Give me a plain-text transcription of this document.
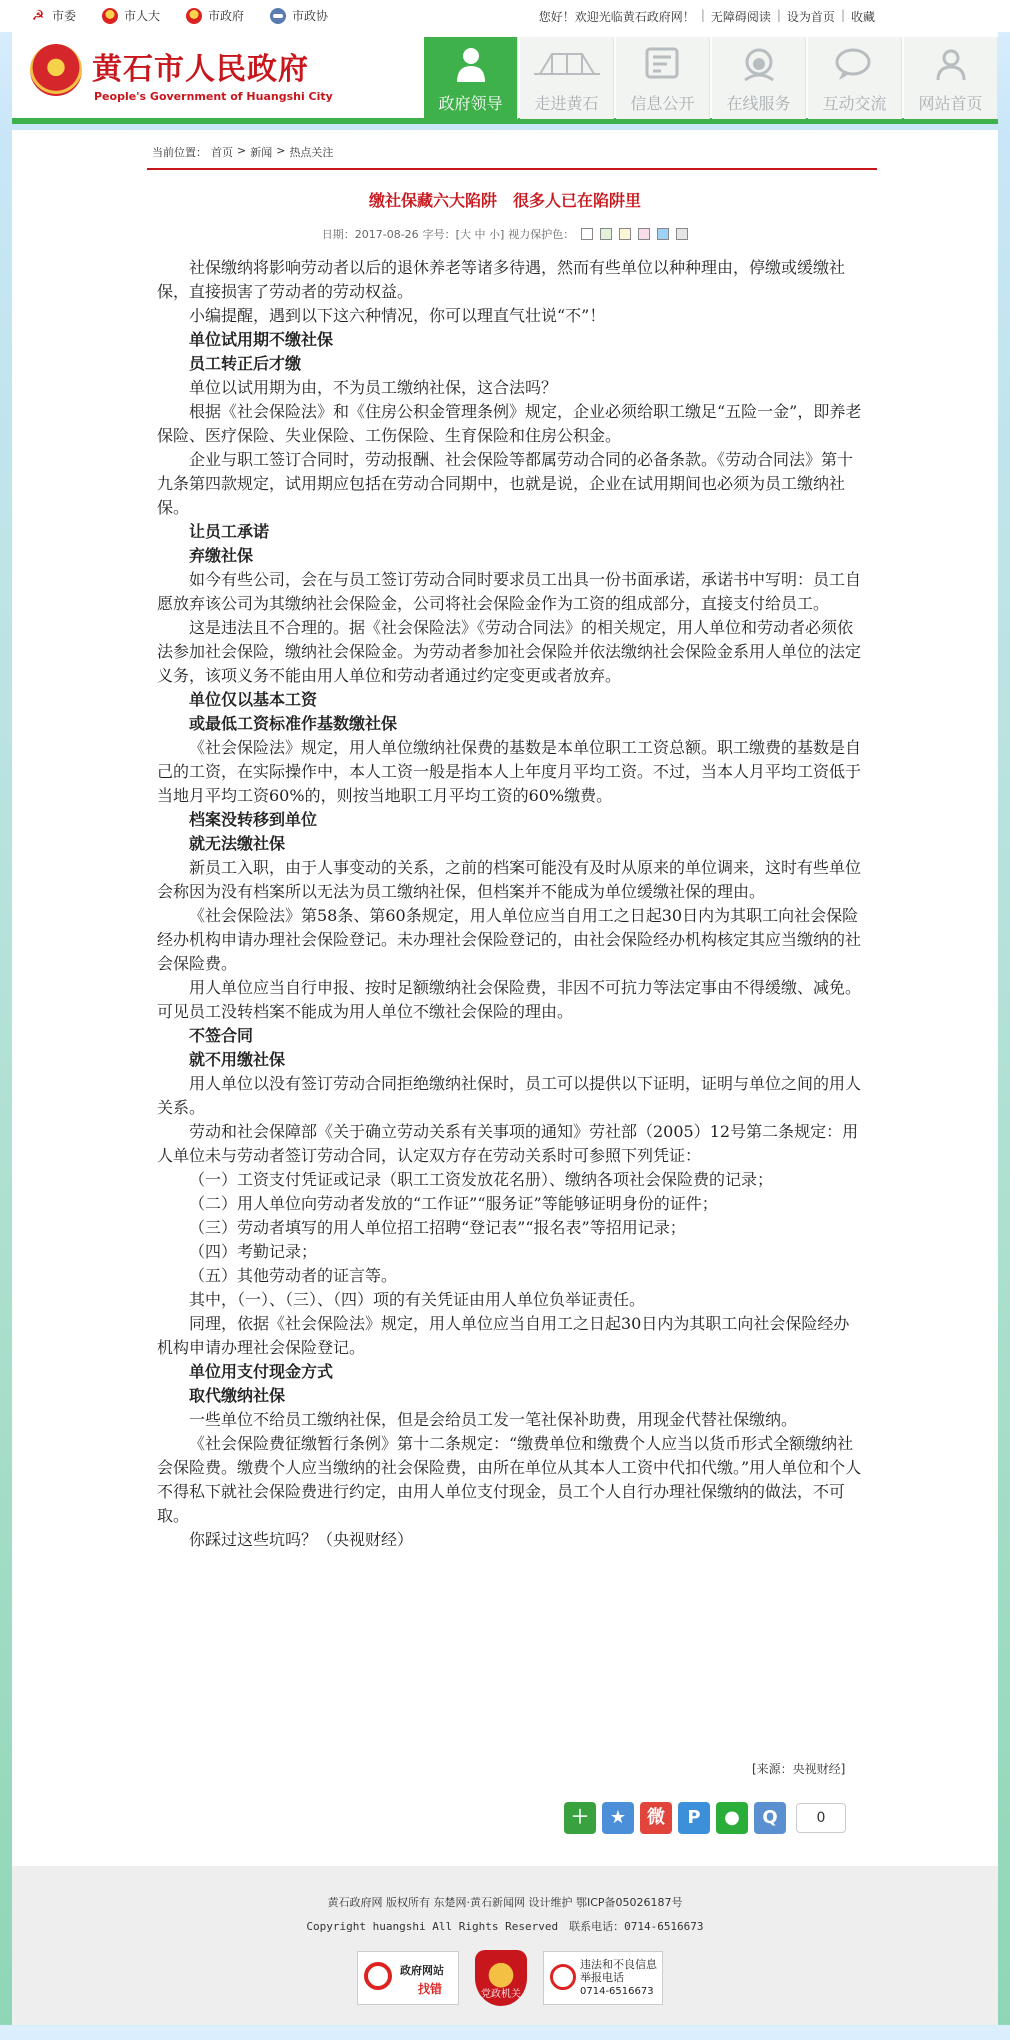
☭ 市委	市人大	市政府	市政协	您好！欢迎光临黄石政府网！ | 无障碍阅读 | 设为首页 | 收藏
黄石市人民政府
People's Government of Huangshi City	政府领导	走进黄石	信息公开	在线服务	互动交流	网站首页
当前位置： 首页 > 新闻 > 热点关注
缴社保藏六大陷阱　很多人已在陷阱里
日期：2017-08-26 字号：[大 中 小] 视力保护色：

社保缴纳将影响劳动者以后的退休养老等诸多待遇，然而有些单位以种种理由，停缴或缓缴社保，直接损害了劳动者的劳动权益。

小编提醒，遇到以下这六种情况，你可以理直气壮说“不”！

单位试用期不缴社保

员工转正后才缴

单位以试用期为由，不为员工缴纳社保，这合法吗？

根据《社会保险法》和《住房公积金管理条例》规定，企业必须给职工缴足“五险一金”，即养老保险、医疗保险、失业保险、工伤保险、生育保险和住房公积金。

企业与职工签订合同时，劳动报酬、社会保险等都属劳动合同的必备条款。《劳动合同法》第十九条第四款规定，试用期应包括在劳动合同期中，也就是说，企业在试用期间也必须为员工缴纳社保。

让员工承诺

弃缴社保

如今有些公司，会在与员工签订劳动合同时要求员工出具一份书面承诺，承诺书中写明：员工自愿放弃该公司为其缴纳社会保险金，公司将社会保险金作为工资的组成部分，直接支付给员工。

这是违法且不合理的。据《社会保险法》《劳动合同法》的相关规定，用人单位和劳动者必须依法参加社会保险，缴纳社会保险金。为劳动者参加社会保险并依法缴纳社会保险金系用人单位的法定义务，该项义务不能由用人单位和劳动者通过约定变更或者放弃。

单位仅以基本工资

或最低工资标准作基数缴社保

《社会保险法》规定，用人单位缴纳社保费的基数是本单位职工工资总额。职工缴费的基数是自己的工资，在实际操作中，本人工资一般是指本人上年度月平均工资。不过，当本人月平均工资低于当地月平均工资60%的，则按当地职工月平均工资的60%缴费。

档案没转移到单位

就无法缴社保

新员工入职，由于人事变动的关系，之前的档案可能没有及时从原来的单位调来，这时有些单位会称因为没有档案所以无法为员工缴纳社保，但档案并不能成为单位缓缴社保的理由。

《社会保险法》第58条、第60条规定，用人单位应当自用工之日起30日内为其职工向社会保险经办机构申请办理社会保险登记。未办理社会保险登记的，由社会保险经办机构核定其应当缴纳的社会保险费。

用人单位应当自行申报、按时足额缴纳社会保险费，非因不可抗力等法定事由不得缓缴、减免。可见员工没转档案不能成为用人单位不缴社会保险的理由。

不签合同

就不用缴社保

用人单位以没有签订劳动合同拒绝缴纳社保时，员工可以提供以下证明，证明与单位之间的用人关系。

劳动和社会保障部《关于确立劳动关系有关事项的通知》劳社部（2005）12号第二条规定：用人单位未与劳动者签订劳动合同，认定双方存在劳动关系时可参照下列凭证：

（一）工资支付凭证或记录（职工工资发放花名册）、缴纳各项社会保险费的记录；

（二）用人单位向劳动者发放的“工作证”“服务证”等能够证明身份的证件；

（三）劳动者填写的用人单位招工招聘“登记表”“报名表”等招用记录；

（四）考勤记录；

（五）其他劳动者的证言等。

其中，（一）、（三）、（四）项的有关凭证由用人单位负举证责任。

同理，依据《社会保险法》规定，用人单位应当自用工之日起30日内为其职工向社会保险经办机构申请办理社会保险登记。

单位用支付现金方式

取代缴纳社保

一些单位不给员工缴纳社保，但是会给员工发一笔社保补助费，用现金代替社保缴纳。

《社会保险费征缴暂行条例》第十二条规定：“缴费单位和缴费个人应当以货币形式全额缴纳社会保险费。缴费个人应当缴纳的社会保险费，由所在单位从其本人工资中代扣代缴。”用人单位和个人不得私下就社会保险费进行约定，由用人单位支付现金，员工个人自行办理社保缴纳的做法，不可取。

你踩过这些坑吗？（央视财经）

[来源：央视财经]
＋	★	微	P	●	Q	0
黄石政府网 版权所有 东楚网·黄石新闻网 设计维护 鄂ICP备05026187号
Copyright huangshi All Rights Reserved　联系电话：0714-6516673
政府网站
找错	党政机关
违法和不良信息举报电话
0714-6516673
